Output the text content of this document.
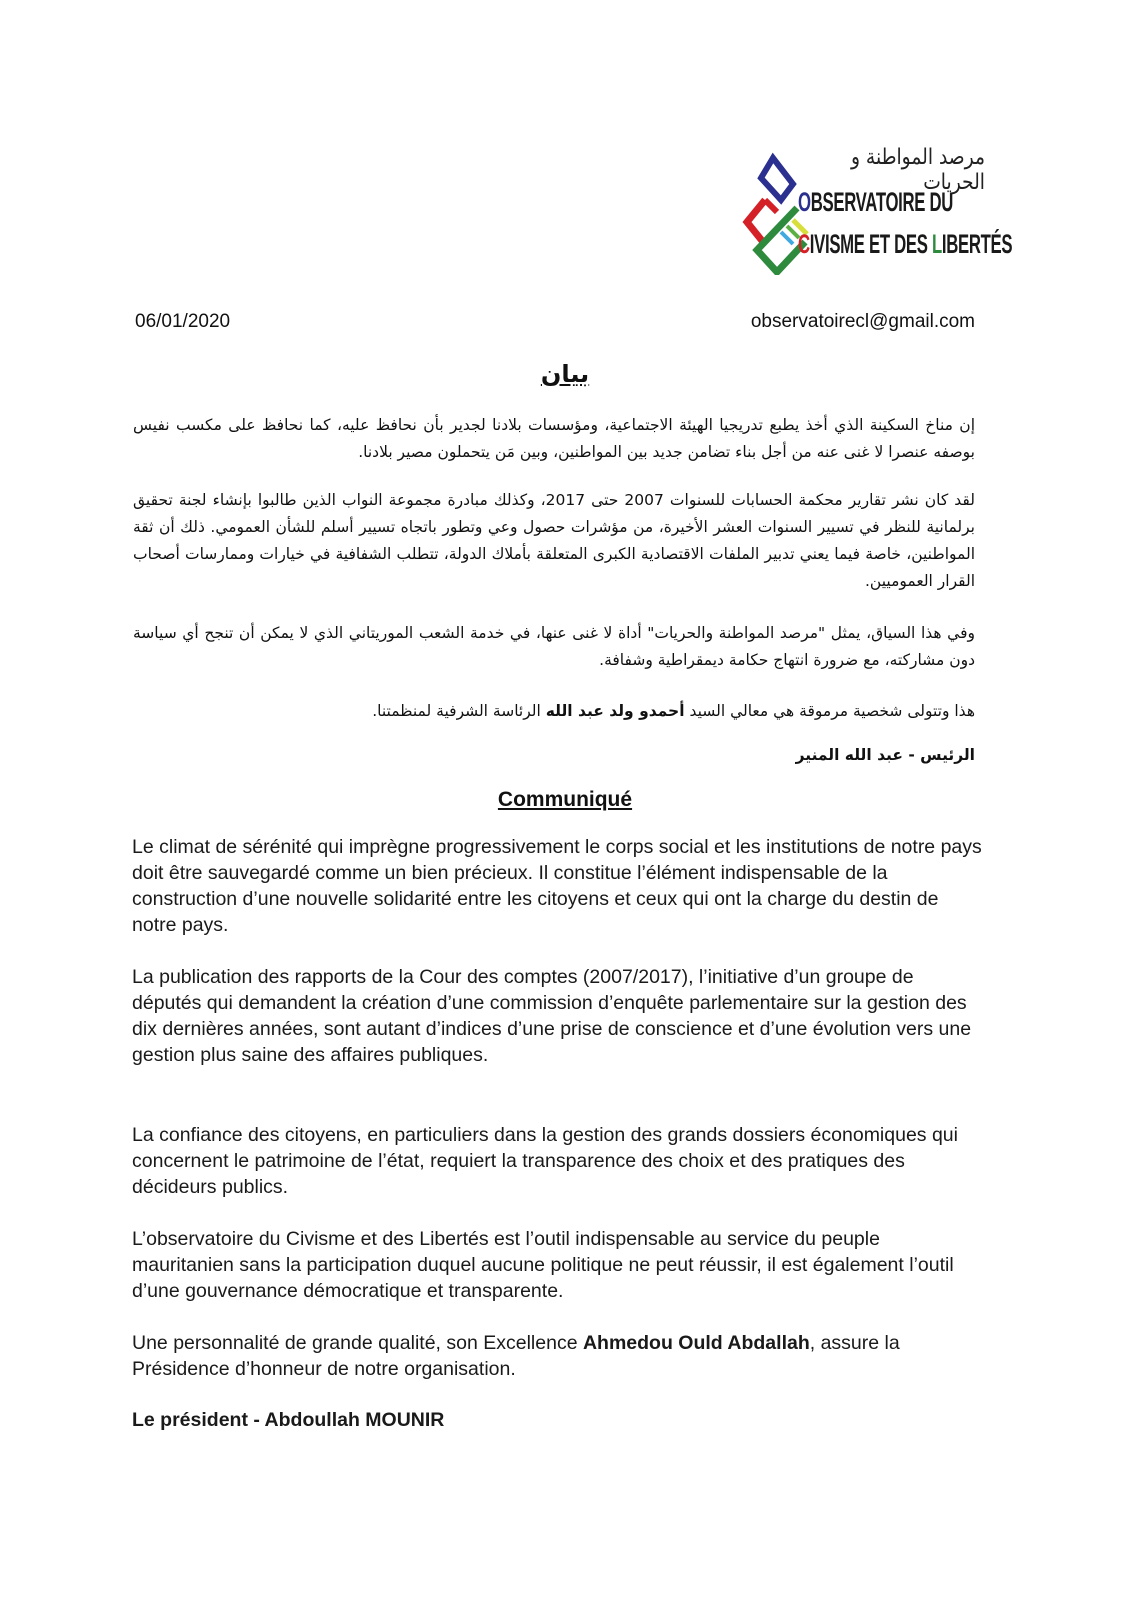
مرصد المواطنة و الحريات
OBSERVATOIRE DU
CIVISME ET DES LIBERTÉS
06/01/2020	observatoirecl@gmail.com
بيان

إن مناخ السكينة الذي أخذ يطبع تدريجيا الهيئة الاجتماعية، ومؤسسات بلادنا لجدير بأن نحافظ عليه، كما نحافظ على مكسب نفيس بوصفه عنصرا لا غنى عنه من أجل بناء تضامن جديد بين المواطنين، وبين مَن يتحملون مصير بلادنا.

لقد كان نشر تقارير محكمة الحسابات للسنوات 2007 حتى 2017، وكذلك مبادرة مجموعة النواب الذين طالبوا بإنشاء لجنة تحقيق برلمانية للنظر في تسيير السنوات العشر الأخيرة، من مؤشرات حصول وعي وتطور باتجاه تسيير أسلم للشأن العمومي. ذلك أن ثقة المواطنين، خاصة فيما يعني تدبير الملفات الاقتصادية الكبرى المتعلقة بأملاك الدولة، تتطلب الشفافية في خيارات وممارسات أصحاب القرار العموميين.

وفي هذا السياق، يمثل "مرصد المواطنة والحريات" أداة لا غنى عنها، في خدمة الشعب الموريتاني الذي لا يمكن أن تنجح أي سياسة دون مشاركته، مع ضرورة انتهاج حكامة ديمقراطية وشفافة.

هذا وتتولى شخصية مرموقة هي معالي السيد أحمدو ولد عبد الله الرئاسة الشرفية لمنظمتنا.

الرئيس - عبد الله المنير

Communiqué

Le climat de sérénité qui imprègne progressivement le corps social et les institutions de notre pays doit être sauvegardé comme un bien précieux. Il constitue l’élément indispensable de la construction d’une nouvelle solidarité entre les citoyens et ceux qui ont la charge du destin de notre pays.

La publication des rapports de la Cour des comptes (2007/2017), l’initiative d’un groupe de députés qui demandent la création d’une commission d’enquête parlementaire sur la gestion des dix dernières années, sont autant d’indices d’une prise de conscience et d’une évolution vers une gestion plus saine des affaires publiques.

La confiance des citoyens, en particuliers dans la gestion des grands dossiers économiques qui concernent le patrimoine de l’état, requiert la transparence des choix et des pratiques des décideurs publics.

L’observatoire du Civisme et des Libertés est l’outil indispensable au service du peuple mauritanien sans la participation duquel aucune politique ne peut réussir, il est également l’outil d’une gouvernance démocratique et transparente.

Une personnalité de grande qualité, son Excellence Ahmedou Ould Abdallah, assure la Présidence d’honneur de notre organisation.

Le président - Abdoullah MOUNIR
